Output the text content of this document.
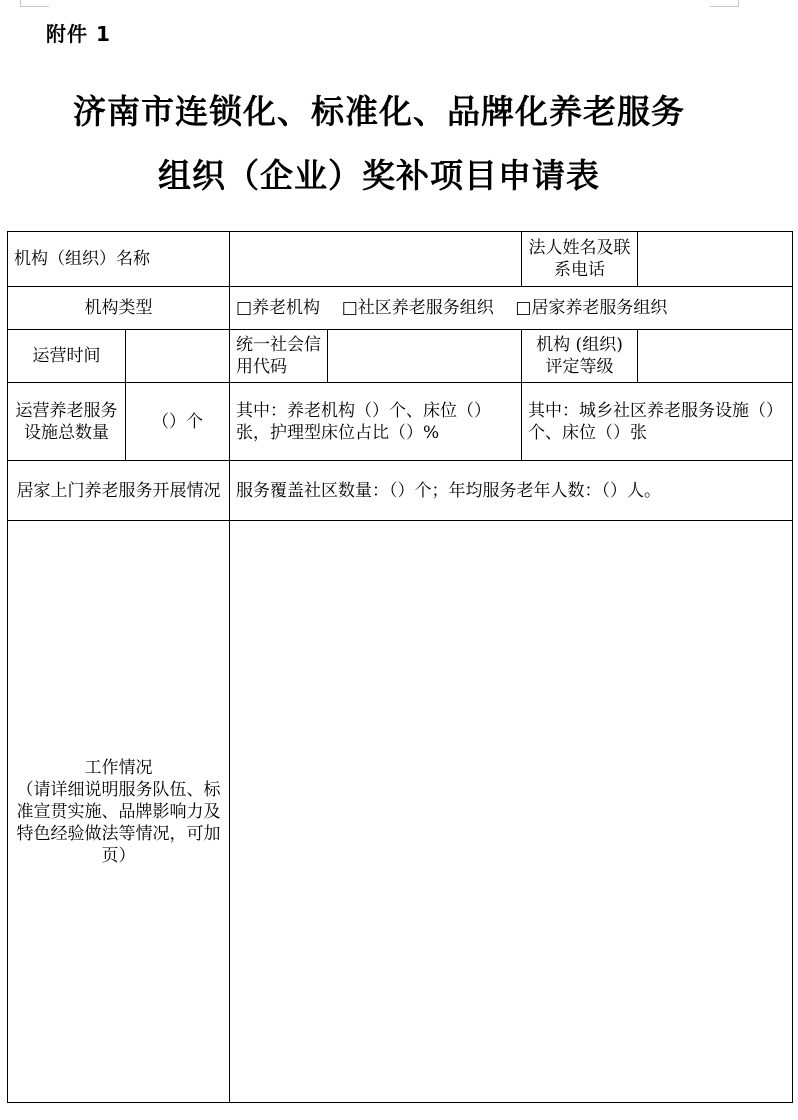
附件 1
济南市连锁化、标准化、品牌化养老服务
组织（企业）奖补项目申请表
机构（组织）名称				法人姓名及联系电话	
机构类型		□养老机构 □社区养老服务组织 □居家养老服务组织			
运营时间		统一社会信用代码		机构 (组织) 评定等级	
运营养老服务设施总数量	（）个	其中：养老机构（）个、床位（）张，护理型床位占比（）%		其中：城乡社区养老服务设施（）个、床位（）张	
居家上门养老服务开展情况		服务覆盖社区数量：（）个；年均服务老年人数：（）人。			

工作情况
（请详细说明服务队伍、标准宣贯实施、品牌影响力及特色经验做法等情况，可加页）					
